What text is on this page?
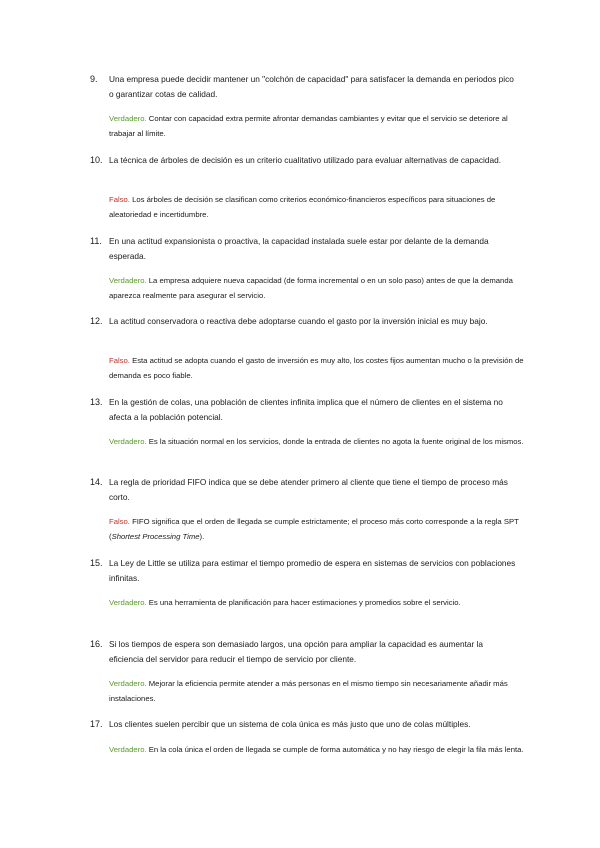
9. Una empresa puede decidir mantener un "colchón de capacidad" para satisfacer la demanda en periodos pico o garantizar cotas de calidad.
Verdadero. Contar con capacidad extra permite afrontar demandas cambiantes y evitar que el servicio se deteriore al trabajar al límite.
10. La técnica de árboles de decisión es un criterio cualitativo utilizado para evaluar alternativas de capacidad.
Falso. Los árboles de decisión se clasifican como criterios económico-financieros específicos para situaciones de aleatoriedad e incertidumbre.
11. En una actitud expansionista o proactiva, la capacidad instalada suele estar por delante de la demanda esperada.
Verdadero. La empresa adquiere nueva capacidad (de forma incremental o en un solo paso) antes de que la demanda aparezca realmente para asegurar el servicio.
12. La actitud conservadora o reactiva debe adoptarse cuando el gasto por la inversión inicial es muy bajo.
Falso. Esta actitud se adopta cuando el gasto de inversión es muy alto, los costes fijos aumentan mucho o la previsión de demanda es poco fiable.
13. En la gestión de colas, una población de clientes infinita implica que el número de clientes en el sistema no afecta a la población potencial.
Verdadero. Es la situación normal en los servicios, donde la entrada de clientes no agota la fuente original de los mismos.
14. La regla de prioridad FIFO indica que se debe atender primero al cliente que tiene el tiempo de proceso más corto.
Falso. FIFO significa que el orden de llegada se cumple estrictamente; el proceso más corto corresponde a la regla SPT (Shortest Processing Time).
15. La Ley de Little se utiliza para estimar el tiempo promedio de espera en sistemas de servicios con poblaciones infinitas.
Verdadero. Es una herramienta de planificación para hacer estimaciones y promedios sobre el servicio.
16. Si los tiempos de espera son demasiado largos, una opción para ampliar la capacidad es aumentar la eficiencia del servidor para reducir el tiempo de servicio por cliente.
Verdadero. Mejorar la eficiencia permite atender a más personas en el mismo tiempo sin necesariamente añadir más instalaciones.
17. Los clientes suelen percibir que un sistema de cola única es más justo que uno de colas múltiples.
Verdadero. En la cola única el orden de llegada se cumple de forma automática y no hay riesgo de elegir la fila más lenta.
